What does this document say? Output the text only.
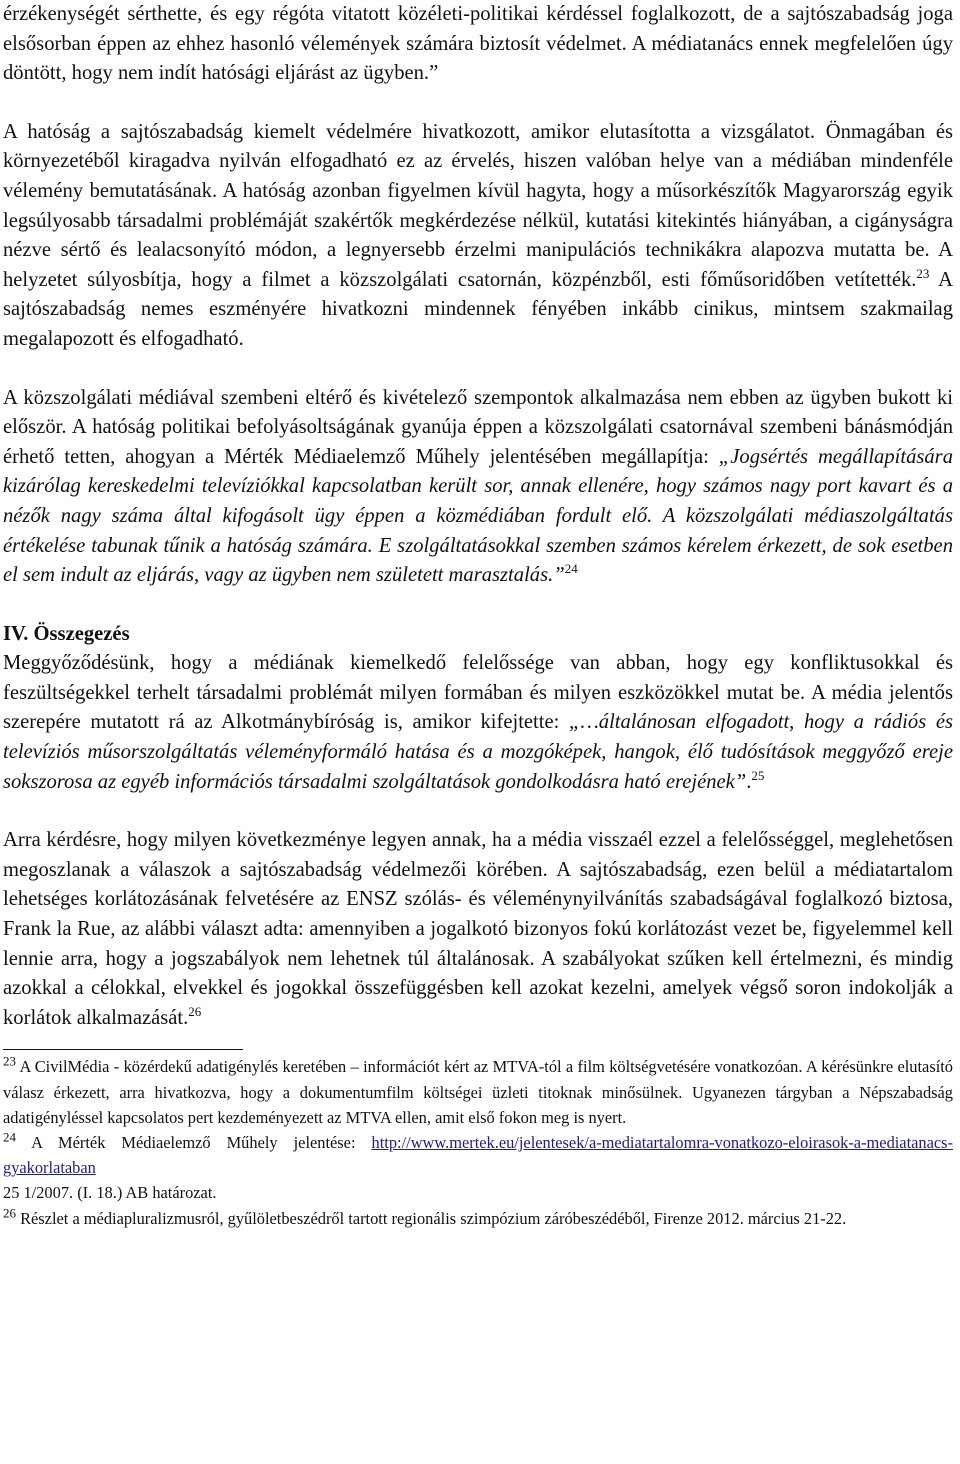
érzékenységét sérthette, és egy régóta vitatott közéleti-politikai kérdéssel foglalkozott, de a sajtószabadság joga elsősorban éppen az ehhez hasonló vélemények számára biztosít védelmet. A médiatanács ennek megfelelően úgy döntött, hogy nem indít hatósági eljárást az ügyben.”

A hatóság a sajtószabadság kiemelt védelmére hivatkozott, amikor elutasította a vizsgálatot. Önmagában és környezetéből kiragadva nyilván elfogadható ez az érvelés, hiszen valóban helye van a médiában mindenféle vélemény bemutatásának. A hatóság azonban figyelmen kívül hagyta, hogy a műsorkészítők Magyarország egyik legsúlyosabb társadalmi problémáját szakértők megkérdezése nélkül, kutatási kitekintés hiányában, a cigányságra nézve sértő és lealacsonyító módon, a legnyersebb érzelmi manipulációs technikákra alapozva mutatta be. A helyzetet súlyosbítja, hogy a filmet a közszolgálati csatornán, közpénzből, esti főműsoridőben vetítették.$^{23}$ A sajtószabadság nemes eszményére hivatkozni mindennek fényében inkább cinikus, mintsem szakmailag megalapozott és elfogadható.

A közszolgálati médiával szembeni eltérő és kivételező szempontok alkalmazása nem ebben az ügyben bukott ki először. A hatóság politikai befolyásoltságának gyanúja éppen a közszolgálati csatornával szembeni bánásmódján érhető tetten, ahogyan a Mérték Médiaelemző Műhely jelentésében megállapítja: „Jogsértés megállapítására kizárólag kereskedelmi televíziókkal kapcsolatban került sor, annak ellenére, hogy számos nagy port kavart és a nézők nagy száma által kifogásolt ügy éppen a közmédiában fordult elő. A közszolgálati médiaszolgáltatás értékelése tabunak tűnik a hatóság számára. E szolgáltatásokkal szemben számos kérelem érkezett, de sok esetben el sem indult az eljárás, vagy az ügyben nem született marasztalás.”$^{24}$

IV. Összegezés

Meggyőződésünk, hogy a médiának kiemelkedő felelőssége van abban, hogy egy konfliktusokkal és feszültségekkel terhelt társadalmi problémát milyen formában és milyen eszközökkel mutat be. A média jelentős szerepére mutatott rá az Alkotmánybíróság is, amikor kifejtette: „…általánosan elfogadott, hogy a rádiós és televíziós műsorszolgáltatás véleményformáló hatása és a mozgóképek, hangok, élő tudósítások meggyőző ereje sokszorosa az egyéb információs társadalmi szolgáltatások gondolkodásra ható erejének”.$^{25}$

Arra kérdésre, hogy milyen következménye legyen annak, ha a média visszaél ezzel a felelősséggel, meglehetősen megoszlanak a válaszok a sajtószabadság védelmezői körében. A sajtószabadság, ezen belül a médiatartalom lehetséges korlátozásának felvetésére az ENSZ szólás- és véleménynyilvánítás szabadságával foglalkozó biztosa, Frank la Rue, az alábbi választ adta: amennyiben a jogalkotó bizonyos fokú korlátozást vezet be, figyelemmel kell lennie arra, hogy a jogszabályok nem lehetnek túl általánosak. A szabályokat szűken kell értelmezni, és mindig azokkal a célokkal, elvekkel és jogokkal összefüggésben kell azokat kezelni, amelyek végső soron indokolják a korlátok alkalmazását.$^{26}$

$^{23}$ A CivilMédia - közérdekű adatigénylés keretében – információt kért az MTVA-tól a film költségvetésére vonatkozóan. A kérésünkre elutasító válasz érkezett, arra hivatkozva, hogy a dokumentumfilm költségei üzleti titoknak minősülnek. Ugyanezen tárgyban a Népszabadság adatigényléssel kapcsolatos pert kezdeményezett az MTVA ellen, amit első fokon meg is nyert.

$^{24}$ A Mérték Médiaelemző Műhely jelentése: http://www.mertek.eu/jelentesek/a-mediatartalomra-vonatkozo-eloirasok-a-mediatanacs-gyakorlataban

25 1/2007. (I. 18.) AB határozat.

$^{26}$ Részlet a médiapluralizmusról, gyűlöletbeszédről tartott regionális szimpózium záróbeszédéből, Firenze 2012. március 21-22.
